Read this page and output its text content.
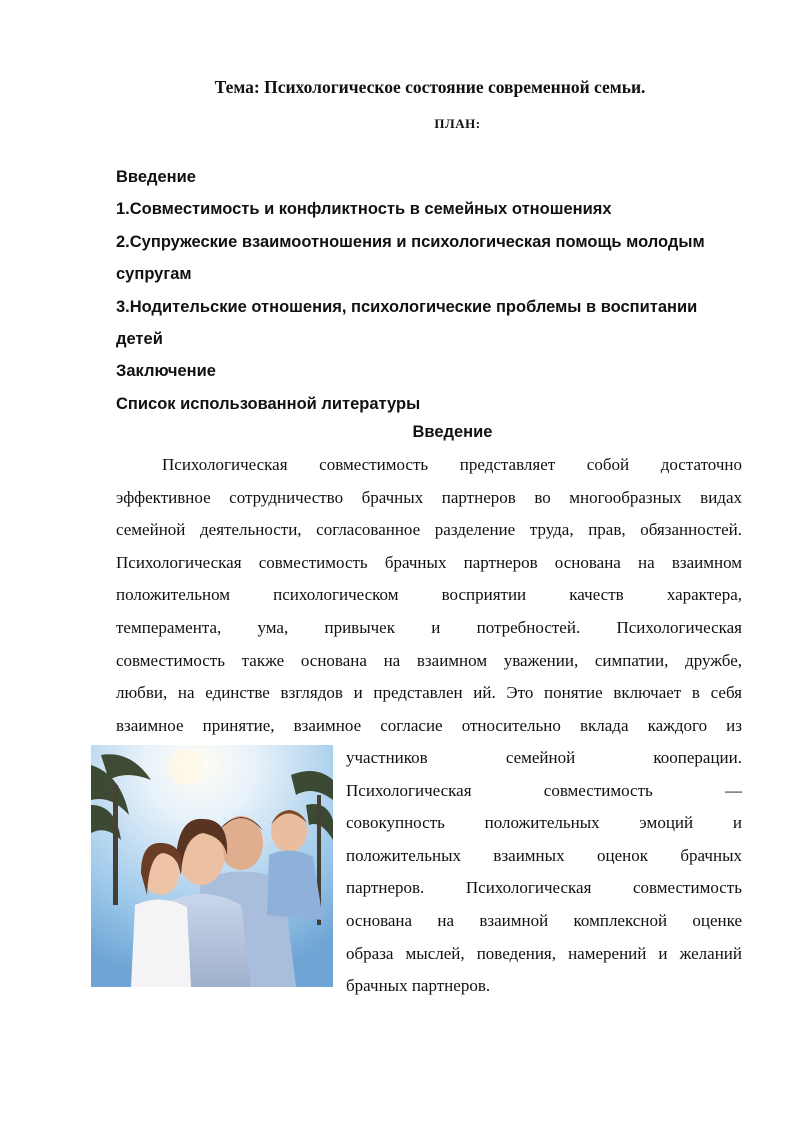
Тема: Психологическое состояние современной семьи.
ПЛАН:
Введение
1.Совместимость и конфликтность в семейных отношениях
2.Супружеские взаимоотношения и психологическая помощь молодым
супругам
3.Нодительские отношения, психологические проблемы в воспитании
детей
Заключение
Список использованной литературы
Введение
Психологическая совместимость представляет собой достаточно
эффективное сотрудничество брачных партнеров во многообразных видах
семейной деятельности, согласованное разделение труда, прав, обязанностей.
Психологическая совместимость брачных партнеров основана на взаимном
положительном психологическом восприятии качеств характера,
темперамента, ума, привычек и потребностей. Психологическая
совместимость также основана на взаимном уважении, симпатии, дружбе,
любви, на единстве взглядов и представлен ий. Это понятие включает в себя
взаимное принятие, взаимное согласие относительно вклада каждого из
участников семейной кооперации.
Психологическая совместимость —
совокупность положительных эмоций и
положительных взаимных оценок брачных
партнеров. Психологическая совместимость
основана на взаимной комплексной оценке
образа мыслей, поведения, намерений и желаний
брачных партнеров.
